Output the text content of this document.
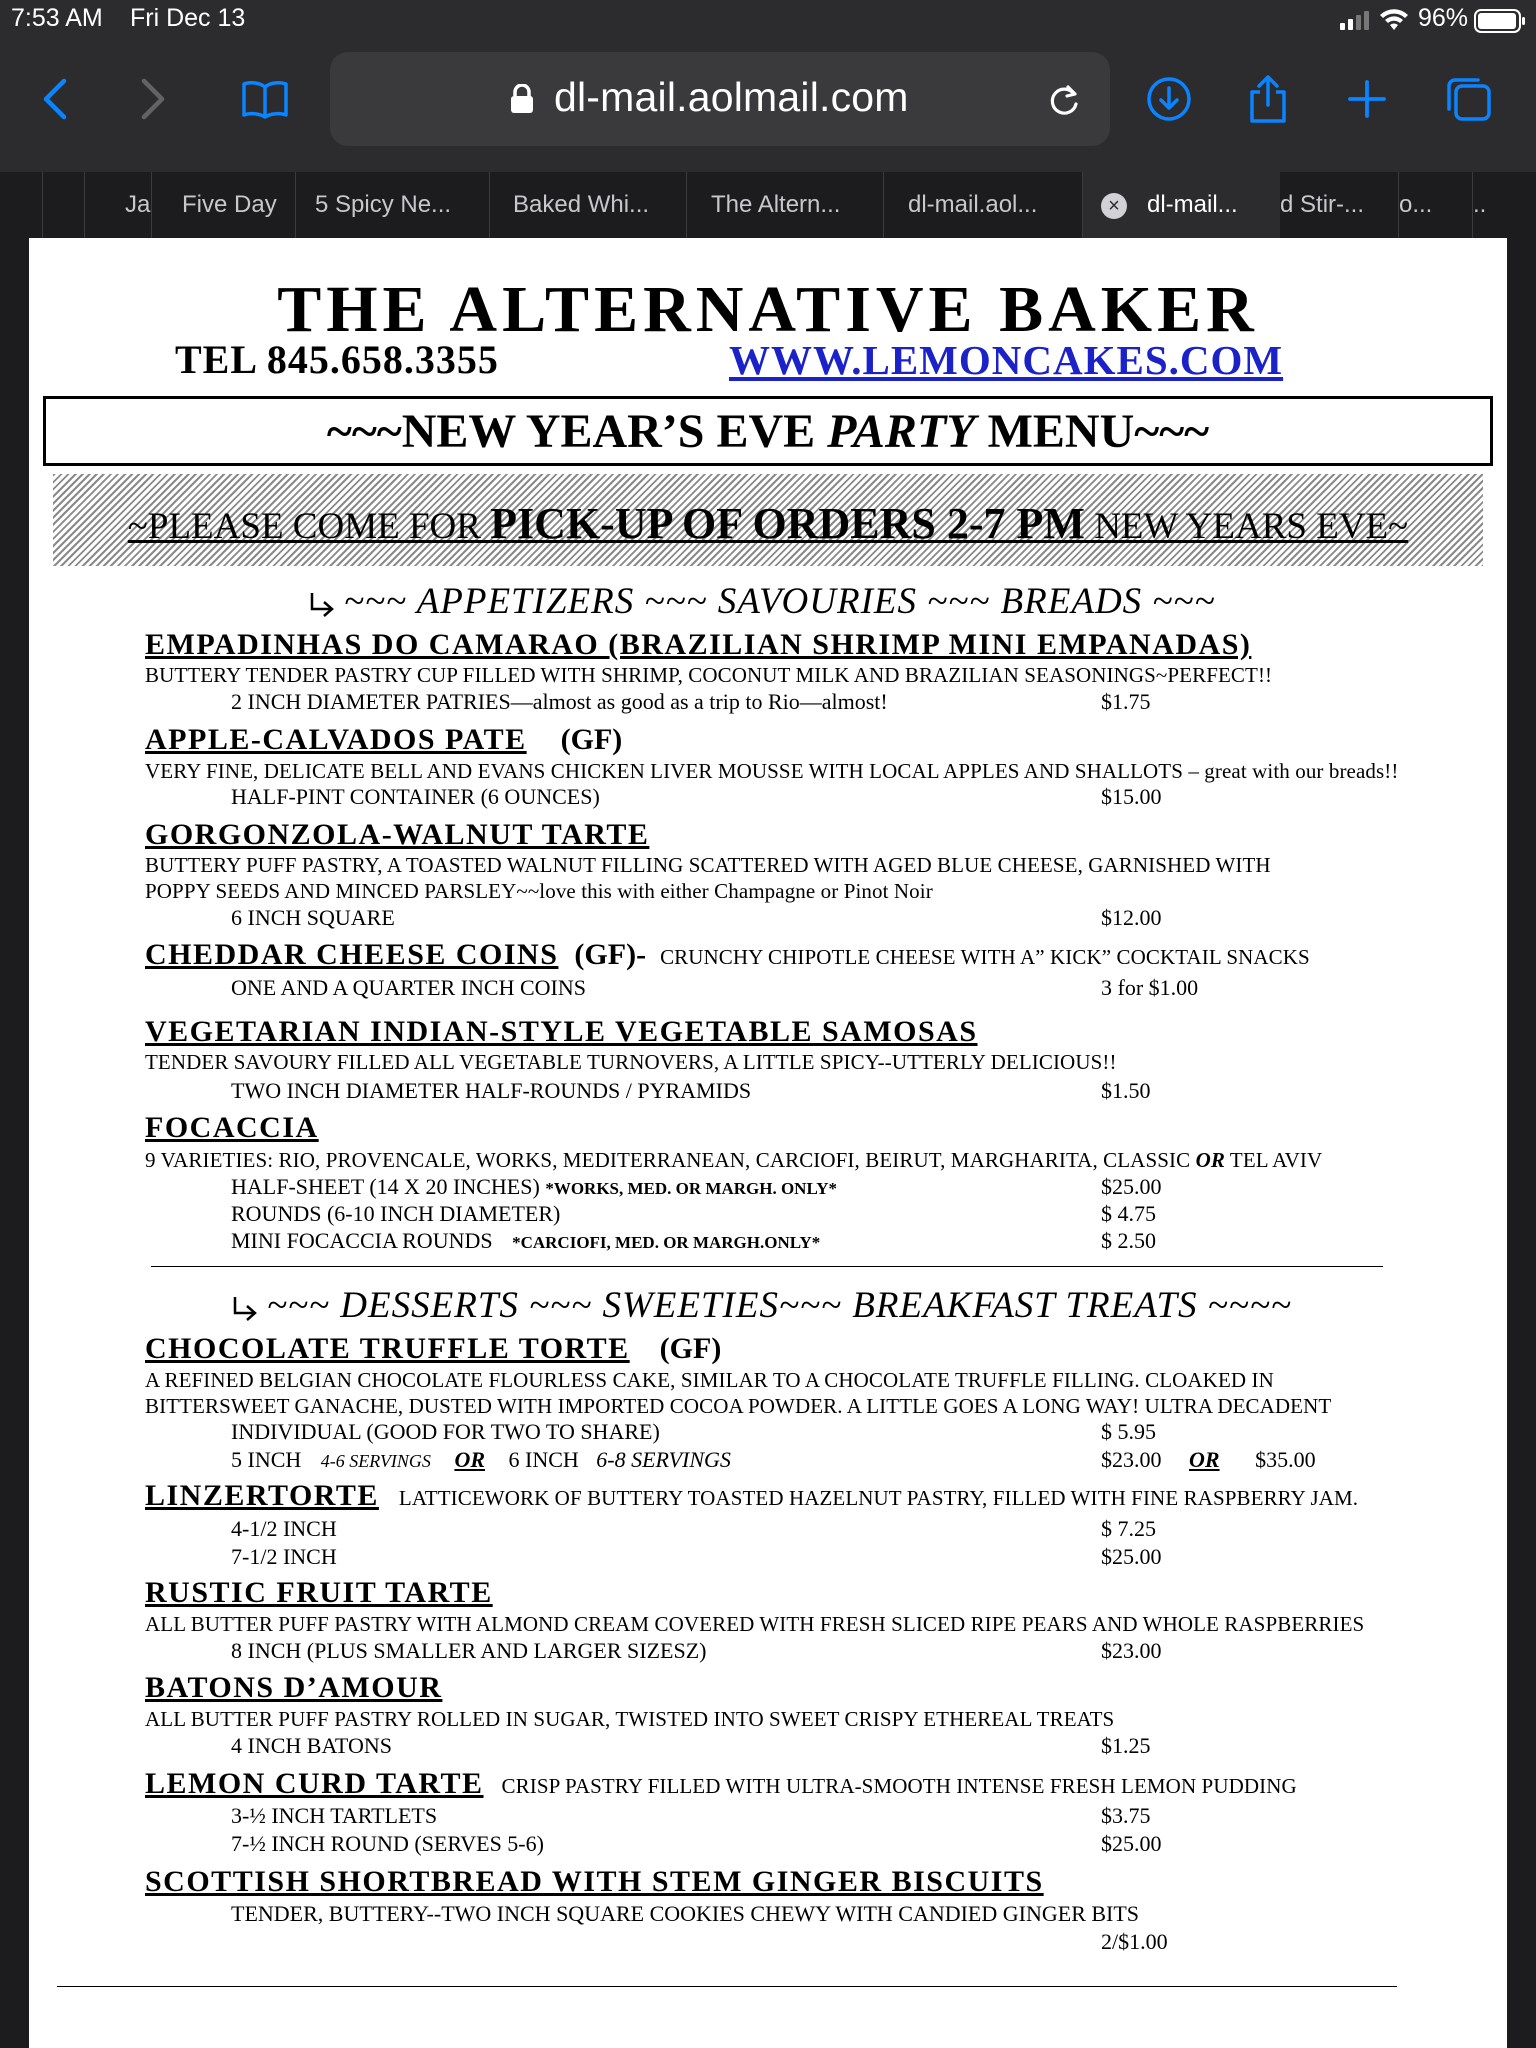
7:53 AM Fri Dec 13	96%
dl-mail.aolmail.com
Ja Five Day	5 Spicy Ne...	Baked Whi...	The Altern...	dl-mail.aol...	× dl-mail...	d Stir-...	o...	..
THE ALTERNATIVE BAKER
TEL 845.658.3355	WWW.LEMONCAKES.COM
~~~NEW YEAR’S EVE PARTY MENU~~~
~PLEASE COME FOR PICK-UP OF ORDERS 2-7 PM NEW YEARS EVE~
~~~ APPETIZERS ~~~ SAVOURIES ~~~ BREADS ~~~
EMPADINHAS DO CAMARAO (BRAZILIAN SHRIMP MINI EMPANADAS)
BUTTERY TENDER PASTRY CUP FILLED WITH SHRIMP, COCONUT MILK AND BRAZILIAN SEASONINGS~PERFECT!!
2 INCH DIAMETER PATRIES—almost as good as a trip to Rio—almost!	$1.75
APPLE-CALVADOS PATE (GF)
VERY FINE, DELICATE BELL AND EVANS CHICKEN LIVER MOUSSE WITH LOCAL APPLES AND SHALLOTS – great with our breads!!
HALF-PINT CONTAINER (6 OUNCES)	$15.00
GORGONZOLA-WALNUT TARTE
BUTTERY PUFF PASTRY, A TOASTED WALNUT FILLING SCATTERED WITH AGED BLUE CHEESE, GARNISHED WITH
POPPY SEEDS AND MINCED PARSLEY~~love this with either Champagne or Pinot Noir
6 INCH SQUARE	$12.00
CHEDDAR CHEESE COINS (GF)- CRUNCHY CHIPOTLE CHEESE WITH A” KICK” COCKTAIL SNACKS
ONE AND A QUARTER INCH COINS	3 for $1.00
VEGETARIAN INDIAN-STYLE VEGETABLE SAMOSAS
TENDER SAVOURY FILLED ALL VEGETABLE TURNOVERS, A LITTLE SPICY--UTTERLY DELICIOUS!!
TWO INCH DIAMETER HALF-ROUNDS / PYRAMIDS	$1.50
FOCACCIA
9 VARIETIES: RIO, PROVENCALE, WORKS, MEDITERRANEAN, CARCIOFI, BEIRUT, MARGHARITA, CLASSIC OR TEL AVIV
HALF-SHEET (14 X 20 INCHES) *WORKS, MED. OR MARGH. ONLY*	$25.00
ROUNDS (6-10 INCH DIAMETER)	$ 4.75
MINI FOCACCIA ROUNDS *CARCIOFI, MED. OR MARGH.ONLY*	$ 2.50
~~~ DESSERTS ~~~ SWEETIES~~~ BREAKFAST TREATS ~~~~
CHOCOLATE TRUFFLE TORTE (GF)
A REFINED BELGIAN CHOCOLATE FLOURLESS CAKE, SIMILAR TO A CHOCOLATE TRUFFLE FILLING. CLOAKED IN
BITTERSWEET GANACHE, DUSTED WITH IMPORTED COCOA POWDER. A LITTLE GOES A LONG WAY! ULTRA DECADENT
INDIVIDUAL (GOOD FOR TWO TO SHARE)	$ 5.95
5 INCH 4-6 SERVINGS OR 6 INCH 6-8 SERVINGS	$23.00 OR $35.00
LINZERTORTE LATTICEWORK OF BUTTERY TOASTED HAZELNUT PASTRY, FILLED WITH FINE RASPBERRY JAM.
4-1/2 INCH	$ 7.25
7-1/2 INCH	$25.00
RUSTIC FRUIT TARTE
ALL BUTTER PUFF PASTRY WITH ALMOND CREAM COVERED WITH FRESH SLICED RIPE PEARS AND WHOLE RASPBERRIES
8 INCH (PLUS SMALLER AND LARGER SIZESZ)	$23.00
BATONS D’AMOUR
ALL BUTTER PUFF PASTRY ROLLED IN SUGAR, TWISTED INTO SWEET CRISPY ETHEREAL TREATS
4 INCH BATONS	$1.25
LEMON CURD TARTE CRISP PASTRY FILLED WITH ULTRA-SMOOTH INTENSE FRESH LEMON PUDDING
3-½ INCH TARTLETS	$3.75
7-½ INCH ROUND (SERVES 5-6)	$25.00
SCOTTISH SHORTBREAD WITH STEM GINGER BISCUITS
TENDER, BUTTERY--TWO INCH SQUARE COOKIES CHEWY WITH CANDIED GINGER BITS
2/$1.00
